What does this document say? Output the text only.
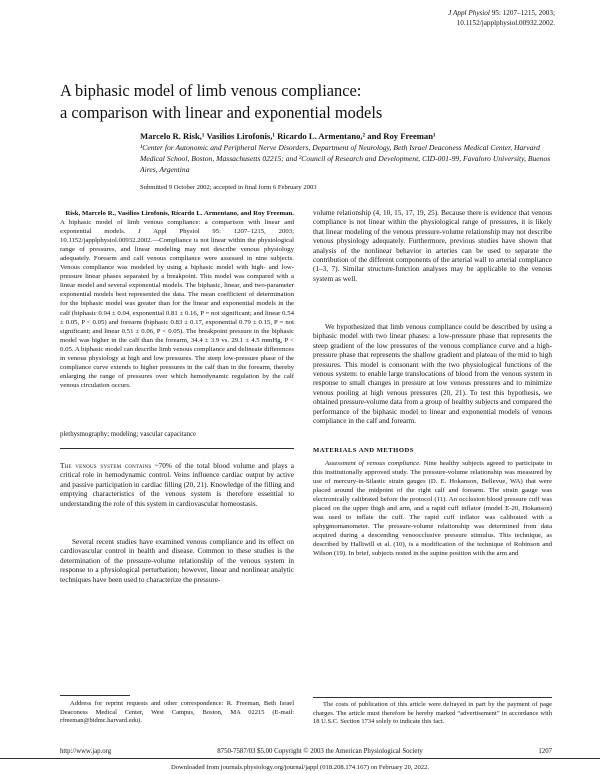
J Appl Physiol 95: 1207–1215, 2003;
10.1152/japplphysiol.00932.2002.
A biphasic model of limb venous compliance:
a comparison with linear and exponential models
Marcelo R. Risk,¹ Vasilios Lirofonis,¹ Ricardo L. Armentano,² and Roy Freeman¹
¹Center for Autonomic and Peripheral Nerve Disorders, Department of Neurology, Beth Israel Deaconess Medical Center, Harvard Medical School, Boston, Massachusetts 02215; and ²Council of Research and Development, CID-001-99, Favaloro University, Buenos Aires, Argentina
Submitted 9 October 2002; accepted in final form 6 February 2003
Risk, Marcelo R., Vasilios Lirofonis, Ricardo L. Armentano, and Roy Freeman. A biphasic model of limb venous compliance: a comparison with linear and exponential models. J Appl Physiol 95: 1207–1215, 2003; 10.1152/japplphysiol.00932.2002.—Compliance is not linear within the physiological range of pressures, and linear modeling may not describe venous physiology adequately. Forearm and calf venous compliance were assessed in nine subjects. Venous compliance was modeled by using a biphasic model with high- and low-pressure linear phases separated by a breakpoint. This model was compared with a linear model and several exponential models. The biphasic, linear, and two-parameter exponential models best represented the data. The mean coefficient of determination for the biphasic model was greater than for the linear and exponential models in the calf (biphasic 0.94 ± 0.04, exponential 0.81 ± 0.16, P = not significant; and linear 0.54 ± 0.05, P < 0.05) and forearm (biphasic 0.83 ± 0.17, exponential 0.79 ± 0.15, P = not significant; and linear 0.51 ± 0.06, P < 0.05). The breakpoint pressure in the biphasic model was higher in the calf than the forearm, 34.4 ± 3.9 vs. 29.1 ± 4.5 mmHg, P < 0.05. A biphasic model can describe limb venous compliance and delineate differences in venous physiology at high and low pressures. The steep low-pressure phase of the compliance curve extends to higher pressures in the calf than in the forearm, thereby enlarging the range of pressures over which hemodynamic regulation by the calf venous circulation occurs.
plethysmography; modeling; vascular capacitance
The venous system contains ~70% of the total blood volume and plays a critical role in hemodynamic control. Veins influence cardiac output by active and passive participation in cardiac filling (20, 21). Knowledge of the filling and emptying characteristics of the venous system is therefore essential to understanding the role of this system in cardiovascular homeostasis.
Several recent studies have examined venous compliance and its effect on cardiovascular control in health and disease. Common to these studies is the determination of the pressure-volume relationship of the venous system in response to a physiological perturbation; however, linear and nonlinear analytic techniques have been used to characterize the pressure-
volume relationship (4, 10, 15, 17, 19, 25). Because there is evidence that venous compliance is not linear within the physiological range of pressures, it is likely that linear modeling of the venous pressure-volume relationship may not describe venous physiology adequately. Furthermore, previous studies have shown that analysis of the nonlinear behavior in arteries can be used to separate the contribution of the different components of the arterial wall to arterial compliance (1–3, 7). Similar structure-function analyses may be applicable to the venous system as well.
We hypothesized that limb venous compliance could be described by using a biphasic model with two linear phases: a low-pressure phase that represents the steep gradient of the low pressures of the venous compliance curve and a high-pressure phase that represents the shallow gradient and plateau of the mid to high pressures. This model is consonant with the two physiological functions of the venous system: to enable large translocations of blood from the venous system in response to small changes in pressure at low venous pressures and to minimize venous pooling at high venous pressures (20, 21). To test this hypothesis, we obtained pressure-volume data from a group of healthy subjects and compared the performance of the biphasic model to linear and exponential models of venous compliance in the calf and forearm.
MATERIALS AND METHODS
Assessment of venous compliance. Nine healthy subjects agreed to participate in this institutionally approved study. The pressure-volume relationship was measured by use of mercury-in-Silastic strain gauges (D. E. Hokanson, Bellevue, WA) that were placed around the midpoint of the right calf and forearm. The strain gauge was electronically calibrated before the protocol (11). An occlusion blood pressure cuff was placed on the upper thigh and arm, and a rapid cuff inflator (model E-20, Hokanson) was used to inflate the cuff. The rapid cuff inflator was calibrated with a sphygmomanometer. The pressure-volume relationship was determined from data acquired during a descending venoocclusive pressure stimulus. This technique, as described by Halliwill et al. (10), is a modification of the technique of Robinson and Wilson (19). In brief, subjects rested in the supine position with the arm and
Address for reprint requests and other correspondence: R. Freeman, Beth Israel Deaconess Medical Center, West Campus, Boston, MA 02215 (E-mail: rfreeman@bidmc.harvard.edu).
The costs of publication of this article were defrayed in part by the payment of page charges. The article must therefore be hereby marked “advertisement” in accordance with 18 U.S.C. Section 1734 solely to indicate this fact.
http://www.jap.org	8750-7587/03 $5.00 Copyright © 2003 the American Physiological Society	1207
Downloaded from journals.physiology.org/journal/jappl (018.208.174.167) on February 20, 2022.
